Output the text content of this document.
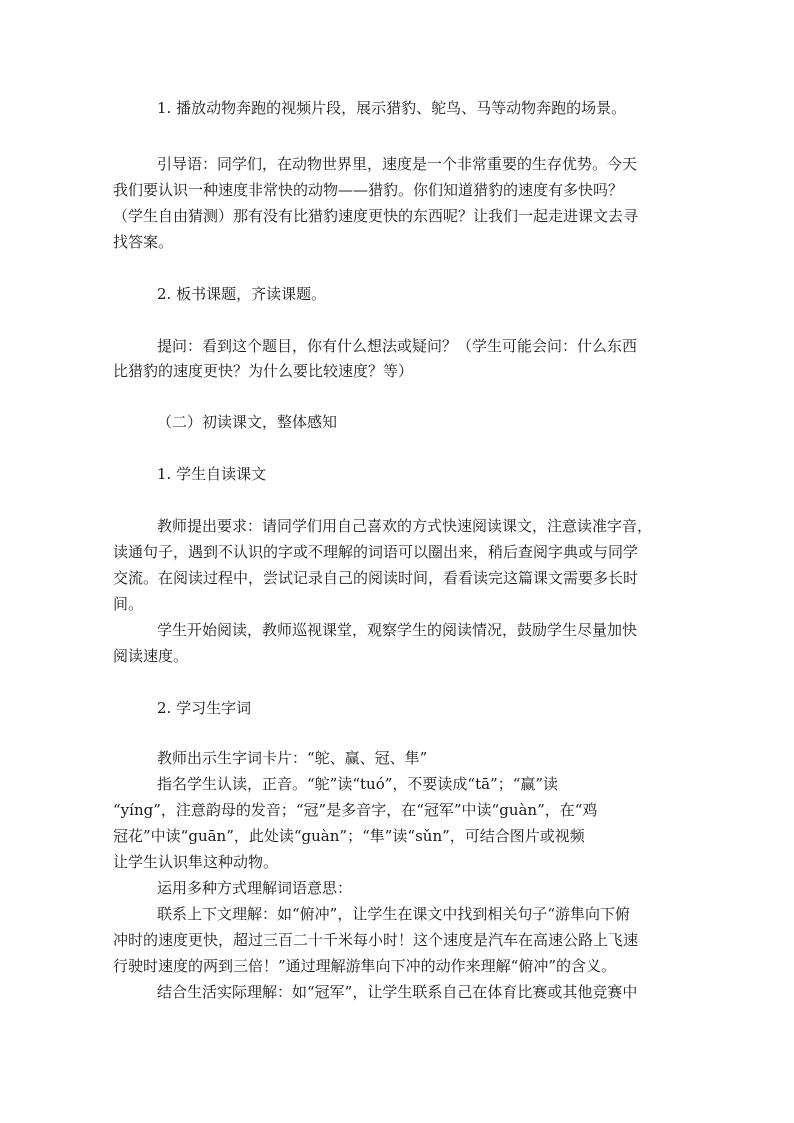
1. 播放动物奔跑的视频片段，展示猎豹、鸵鸟、马等动物奔跑的场景。
引导语：同学们，在动物世界里，速度是一个非常重要的生存优势。今天
我们要认识一种速度非常快的动物——猎豹。你们知道猎豹的速度有多快吗？
（学生自由猜测）那有没有比猎豹速度更快的东西呢？让我们一起走进课文去寻
找答案。
2. 板书课题，齐读课题。
提问：看到这个题目，你有什么想法或疑问？（学生可能会问：什么东西
比猎豹的速度更快？为什么要比较速度？等）
（二）初读课文，整体感知
1. 学生自读课文
教师提出要求：请同学们用自己喜欢的方式快速阅读课文，注意读准字音，
读通句子，遇到不认识的字或不理解的词语可以圈出来，稍后查阅字典或与同学
交流。在阅读过程中，尝试记录自己的阅读时间，看看读完这篇课文需要多长时
间。
学生开始阅读，教师巡视课堂，观察学生的阅读情况，鼓励学生尽量加快
阅读速度。
2. 学习生字词
教师出示生字词卡片：“鸵、赢、冠、隼”
指名学生认读，正音。“鸵”读“tuó”，不要读成“tā”；“赢”读
“yíng”，注意韵母的发音；“冠”是多音字，在“冠军”中读“guàn”，在“鸡
冠花”中读“guān”，此处读“guàn”；“隼”读“sǔn”，可结合图片或视频
让学生认识隼这种动物。
运用多种方式理解词语意思：
联系上下文理解：如“俯冲”，让学生在课文中找到相关句子“游隼向下俯
冲时的速度更快，超过三百二十千米每小时！这个速度是汽车在高速公路上飞速
行驶时速度的两到三倍！”通过理解游隼向下冲的动作来理解“俯冲”的含义。
结合生活实际理解：如“冠军”，让学生联系自己在体育比赛或其他竞赛中
